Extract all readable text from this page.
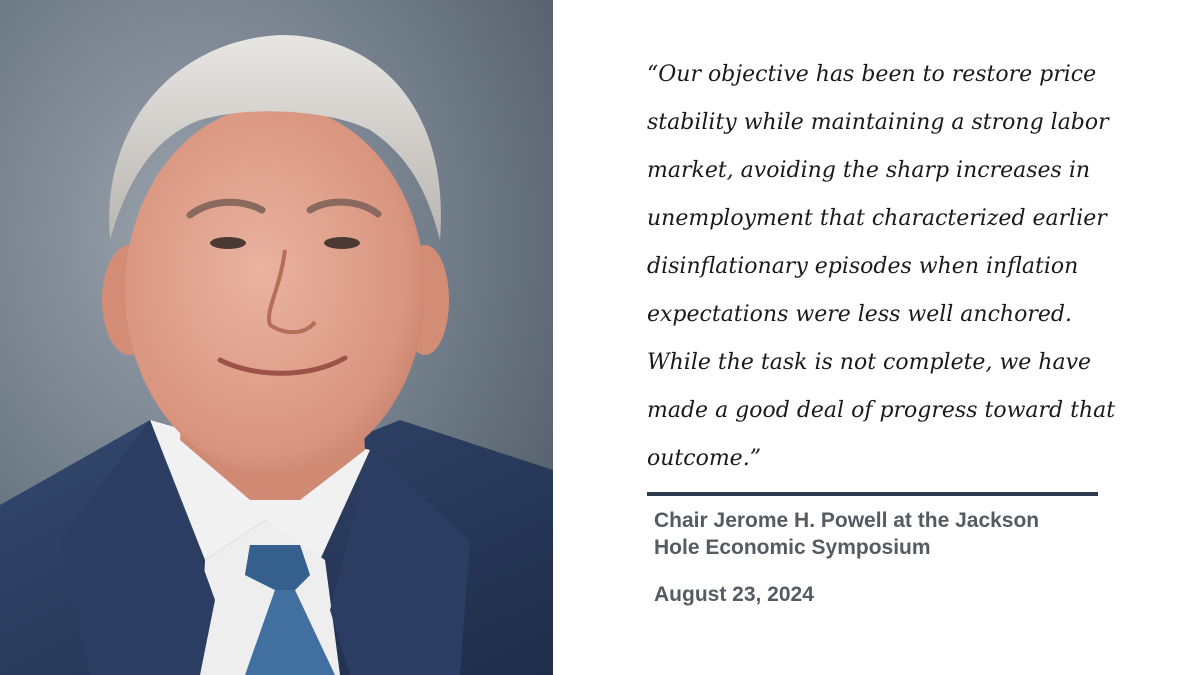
“Our objective has been to restore price
stability while maintaining a strong labor
market, avoiding the sharp increases in
unemployment that characterized earlier
disinflationary episodes when inflation
expectations were less well anchored.
While the task is not complete, we have
made a good deal of progress toward that
outcome.”
Chair Jerome H. Powell at the Jackson
Hole Economic Symposium
August 23, 2024
